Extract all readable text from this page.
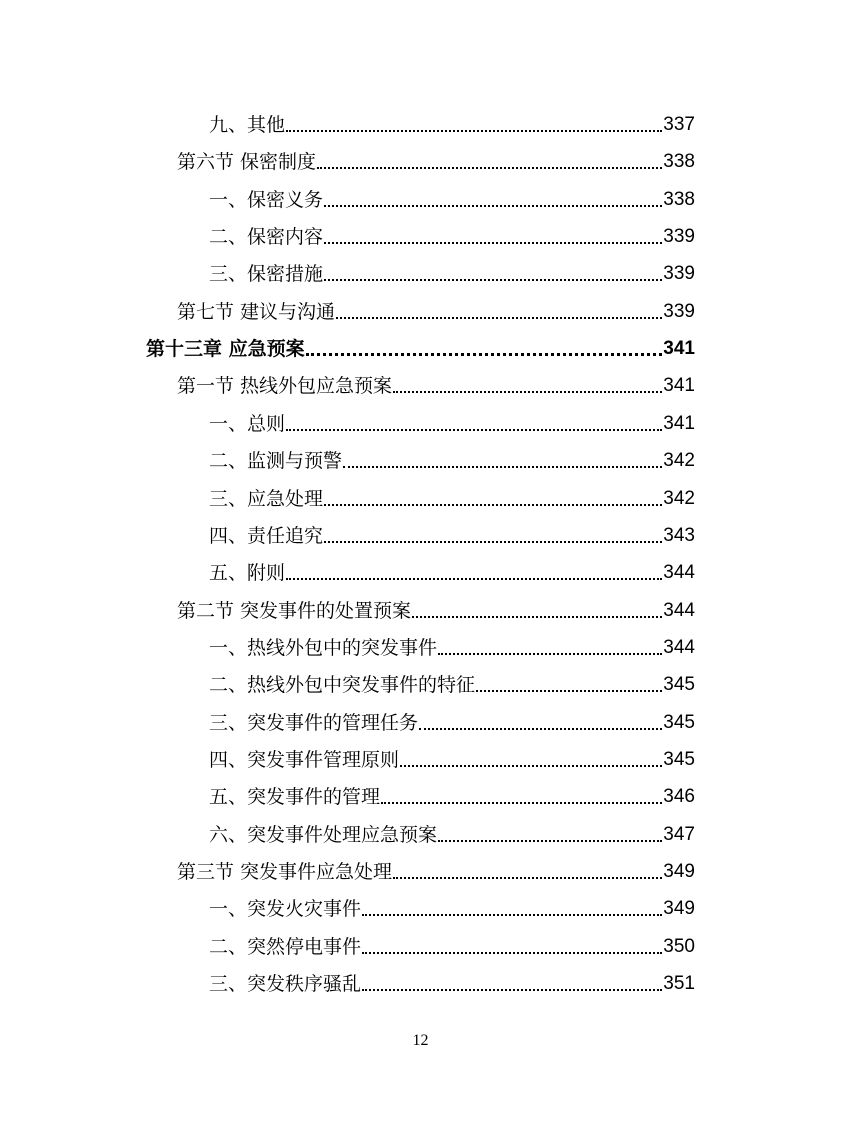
九、其他	337
第六节 保密制度	338
一、保密义务	338
二、保密内容	339
三、保密措施	339
第七节 建议与沟通	339
第十三章 应急预案	341
第一节 热线外包应急预案	341
一、总则	341
二、监测与预警	342
三、应急处理	342
四、责任追究	343
五、附则	344
第二节 突发事件的处置预案	344
一、热线外包中的突发事件	344
二、热线外包中突发事件的特征	345
三、突发事件的管理任务	345
四、突发事件管理原则	345
五、突发事件的管理	346
六、突发事件处理应急预案	347
第三节 突发事件应急处理	349
一、突发火灾事件	349
二、突然停电事件	350
三、突发秩序骚乱	351
12
